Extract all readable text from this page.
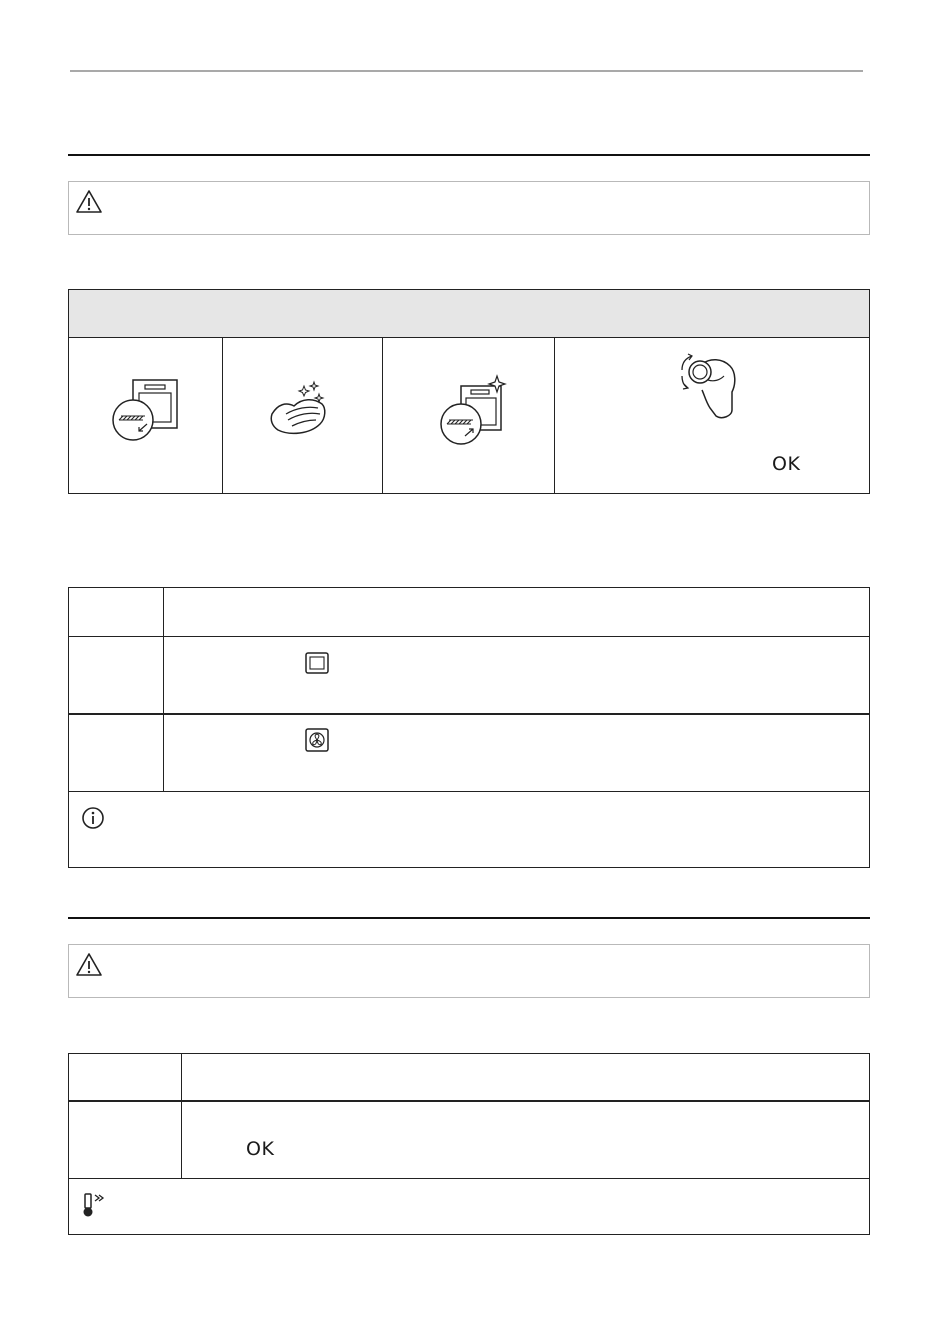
OK
OK
